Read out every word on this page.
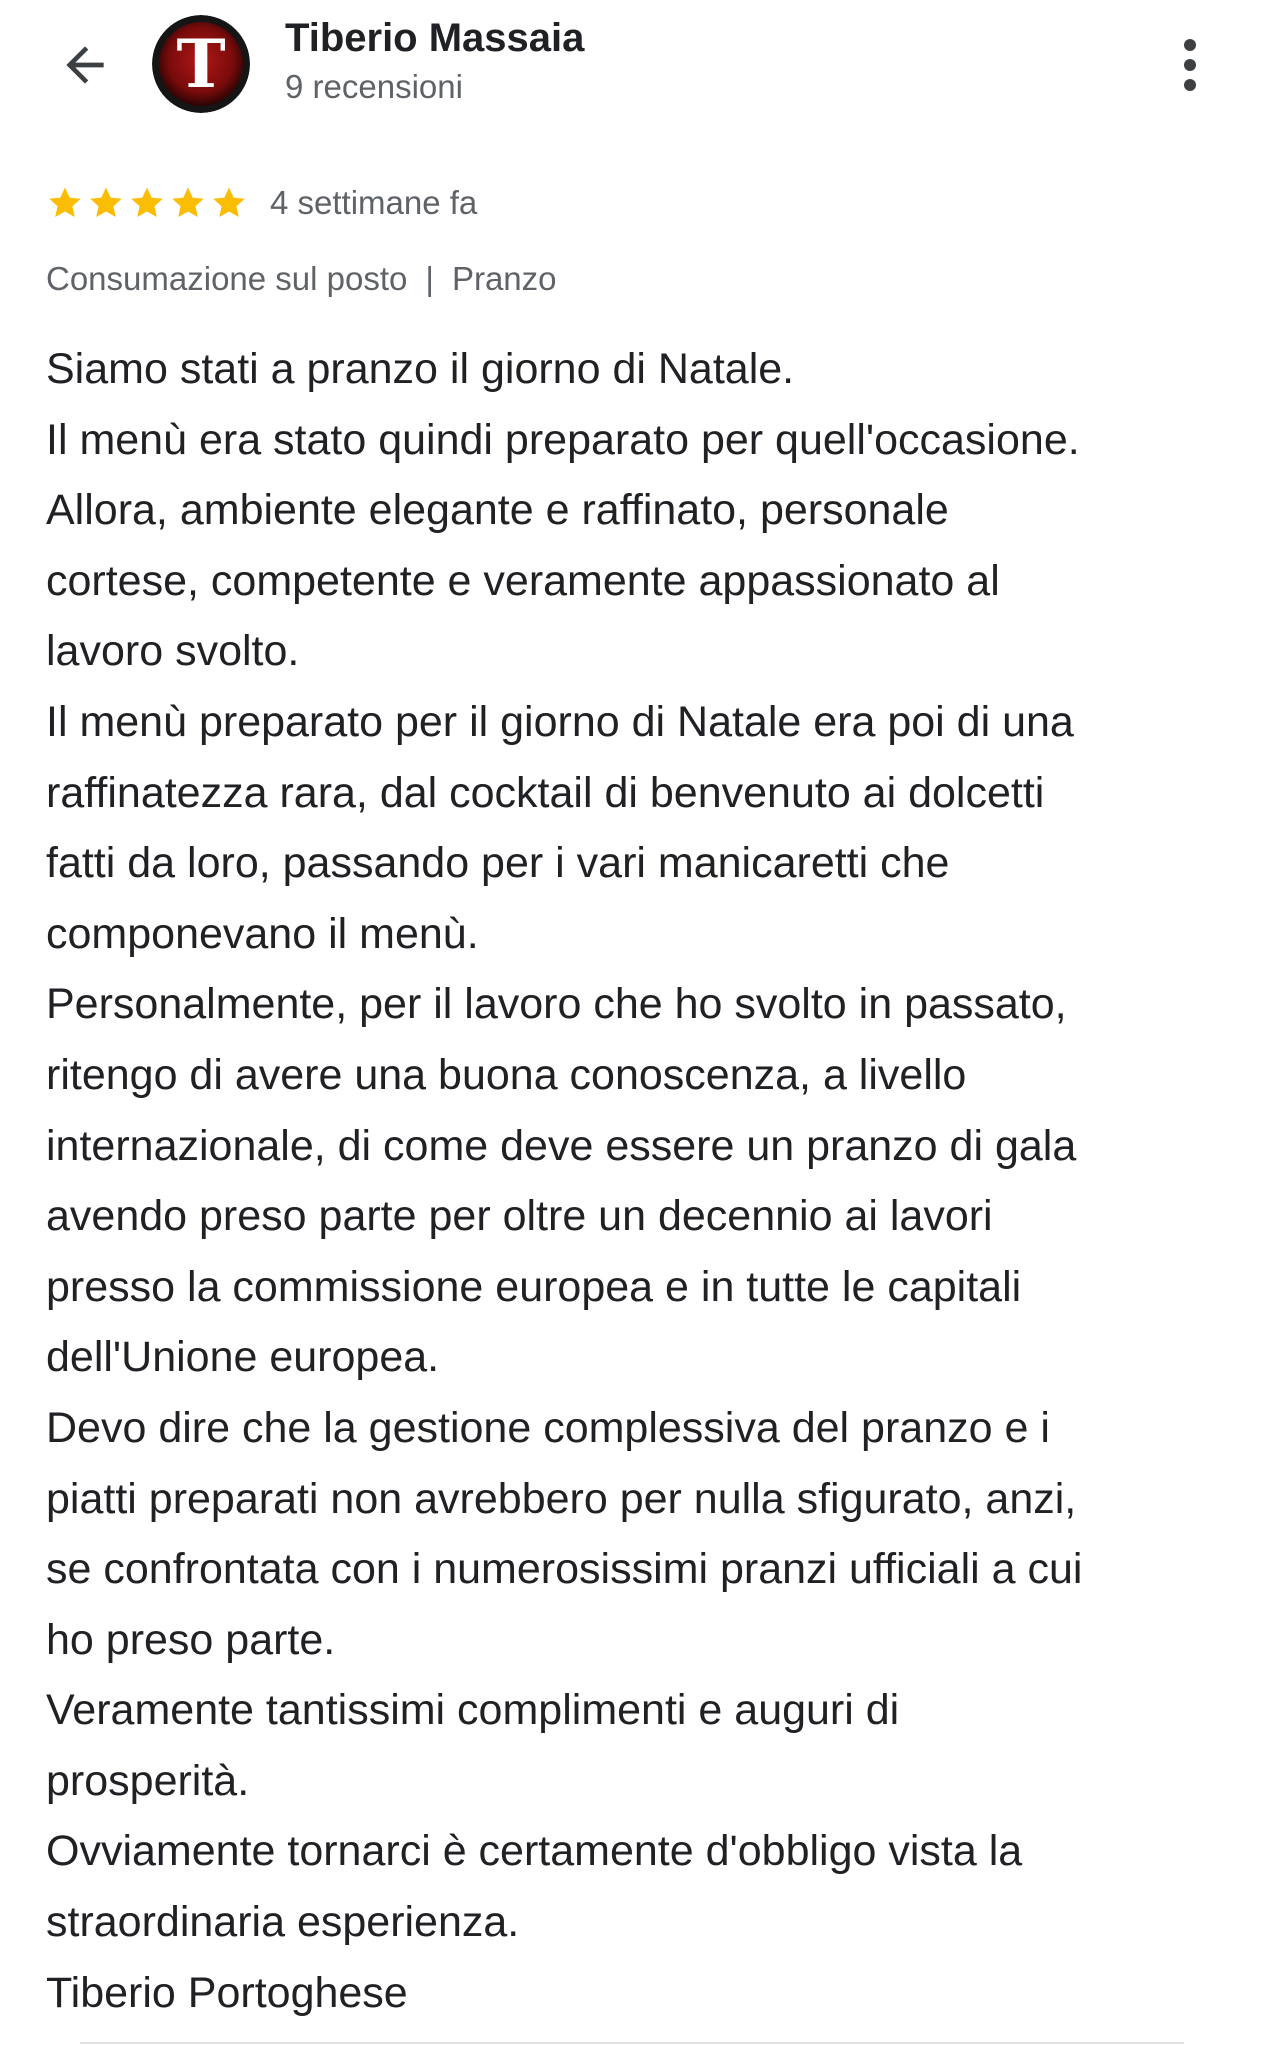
T Tiberio Massaia
9 recensioni
4 settimane fa
Consumazione sul posto | Pranzo
Siamo stati a pranzo il giorno di Natale.
Il menù era stato quindi preparato per quell'occasione.
Allora, ambiente elegante e raffinato, personale
cortese, competente e veramente appassionato al
lavoro svolto.
Il menù preparato per il giorno di Natale era poi di una
raffinatezza rara, dal cocktail di benvenuto ai dolcetti
fatti da loro, passando per i vari manicaretti che
componevano il menù.
Personalmente, per il lavoro che ho svolto in passato,
ritengo di avere una buona conoscenza, a livello
internazionale, di come deve essere un pranzo di gala
avendo preso parte per oltre un decennio ai lavori
presso la commissione europea e in tutte le capitali
dell'Unione europea.
Devo dire che la gestione complessiva del pranzo e i
piatti preparati non avrebbero per nulla sfigurato, anzi,
se confrontata con i numerosissimi pranzi ufficiali a cui
ho preso parte.
Veramente tantissimi complimenti e auguri di
prosperità.
Ovviamente tornarci è certamente d'obbligo vista la
straordinaria esperienza.
Tiberio Portoghese
